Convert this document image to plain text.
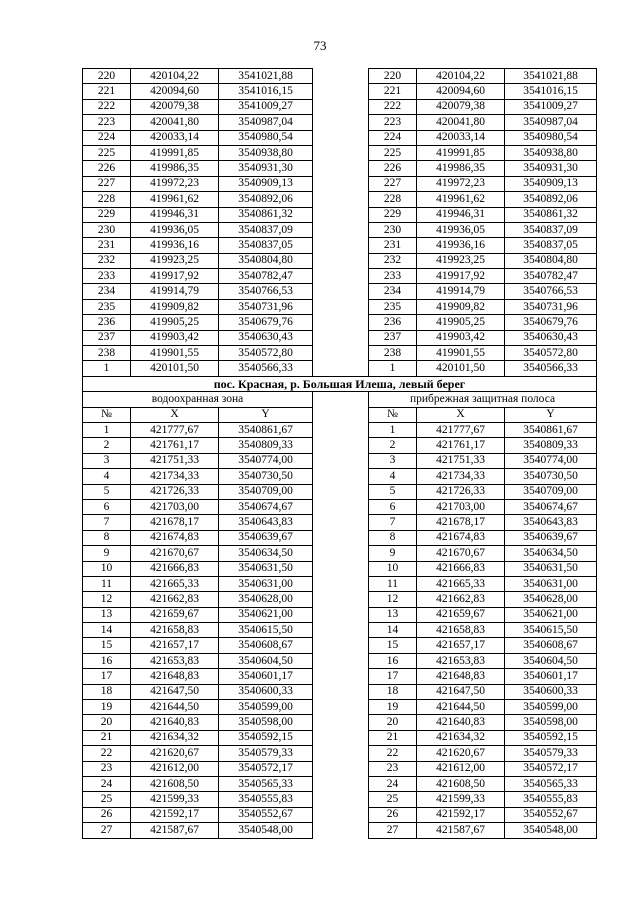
73
220	420104,22	3541021,88		220	420104,22	3541021,88
221	420094,60	3541016,15		221	420094,60	3541016,15
222	420079,38	3541009,27		222	420079,38	3541009,27
223	420041,80	3540987,04		223	420041,80	3540987,04
224	420033,14	3540980,54		224	420033,14	3540980,54
225	419991,85	3540938,80		225	419991,85	3540938,80
226	419986,35	3540931,30		226	419986,35	3540931,30
227	419972,23	3540909,13		227	419972,23	3540909,13
228	419961,62	3540892,06		228	419961,62	3540892,06
229	419946,31	3540861,32		229	419946,31	3540861,32
230	419936,05	3540837,09		230	419936,05	3540837,09
231	419936,16	3540837,05		231	419936,16	3540837,05
232	419923,25	3540804,80		232	419923,25	3540804,80
233	419917,92	3540782,47		233	419917,92	3540782,47
234	419914,79	3540766,53		234	419914,79	3540766,53
235	419909,82	3540731,96		235	419909,82	3540731,96
236	419905,25	3540679,76		236	419905,25	3540679,76
237	419903,42	3540630,43		237	419903,42	3540630,43
238	419901,55	3540572,80		238	419901,55	3540572,80
1	420101,50	3540566,33		1	420101,50	3540566,33
пос. Красная, р. Большая Илеша, левый берег						
водоохранная зона				прибрежная защитная полоса		
№	X	Y		№	X	Y
1	421777,67	3540861,67		1	421777,67	3540861,67
2	421761,17	3540809,33		2	421761,17	3540809,33
3	421751,33	3540774,00		3	421751,33	3540774,00
4	421734,33	3540730,50		4	421734,33	3540730,50
5	421726,33	3540709,00		5	421726,33	3540709,00
6	421703,00	3540674,67		6	421703,00	3540674,67
7	421678,17	3540643,83		7	421678,17	3540643,83
8	421674,83	3540639,67		8	421674,83	3540639,67
9	421670,67	3540634,50		9	421670,67	3540634,50
10	421666,83	3540631,50		10	421666,83	3540631,50
11	421665,33	3540631,00		11	421665,33	3540631,00
12	421662,83	3540628,00		12	421662,83	3540628,00
13	421659,67	3540621,00		13	421659,67	3540621,00
14	421658,83	3540615,50		14	421658,83	3540615,50
15	421657,17	3540608,67		15	421657,17	3540608,67
16	421653,83	3540604,50		16	421653,83	3540604,50
17	421648,83	3540601,17		17	421648,83	3540601,17
18	421647,50	3540600,33		18	421647,50	3540600,33
19	421644,50	3540599,00		19	421644,50	3540599,00
20	421640,83	3540598,00		20	421640,83	3540598,00
21	421634,32	3540592,15		21	421634,32	3540592,15
22	421620,67	3540579,33		22	421620,67	3540579,33
23	421612,00	3540572,17		23	421612,00	3540572,17
24	421608,50	3540565,33		24	421608,50	3540565,33
25	421599,33	3540555,83		25	421599,33	3540555,83
26	421592,17	3540552,67		26	421592,17	3540552,67
27	421587,67	3540548,00		27	421587,67	3540548,00
